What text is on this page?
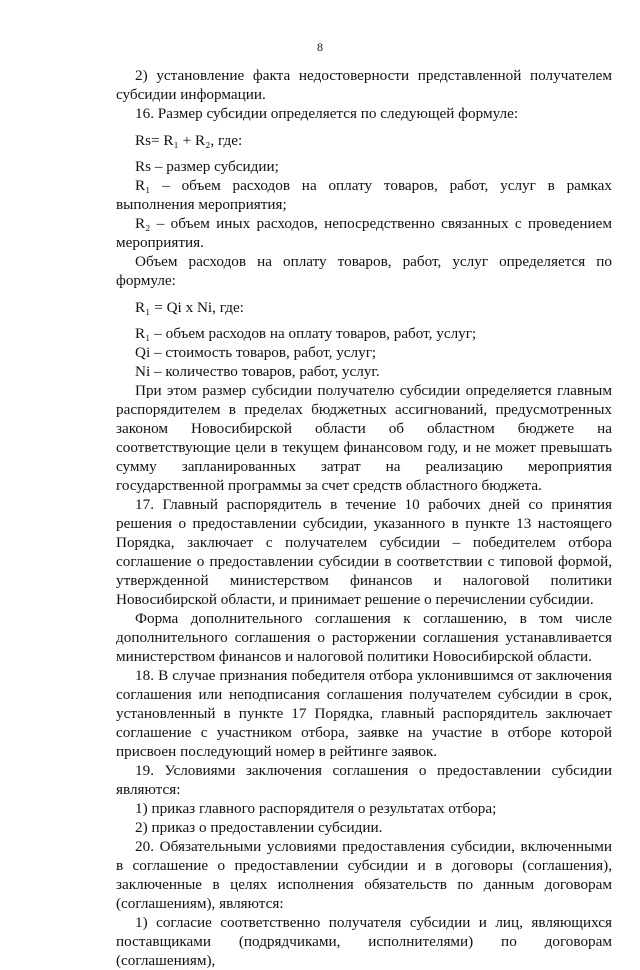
8

2) установление факта недостоверности представленной получателем субсидии информации.

16. Размер субсидии определяется по следующей формуле:

Rs= R₁ + R₂, где:

Rs – размер субсидии;

R₁ – объем расходов на оплату товаров, работ, услуг в рамках выполнения мероприятия;

R₂ – объем иных расходов, непосредственно связанных с проведением мероприятия.

Объем расходов на оплату товаров, работ, услуг определяется по формуле:

R₁ = Qi х Ni, где:

R₁ – объем расходов на оплату товаров, работ, услуг;

Qi – стоимость товаров, работ, услуг;

Ni – количество товаров, работ, услуг.

При этом размер субсидии получателю субсидии определяется главным распорядителем в пределах бюджетных ассигнований, предусмотренных законом Новосибирской области об областном бюджете на соответствующие цели в текущем финансовом году, и не может превышать сумму запланированных затрат на реализацию мероприятия государственной программы за счет средств областного бюджета.

17. Главный распорядитель в течение 10 рабочих дней со принятия решения о предоставлении субсидии, указанного в пункте 13 настоящего Порядка, заключает с получателем субсидии – победителем отбора соглашение о предоставлении субсидии в соответствии с типовой формой, утвержденной министерством финансов и налоговой политики Новосибирской области, и принимает решение о перечислении субсидии.

Форма дополнительного соглашения к соглашению, в том числе дополнительного соглашения о расторжении соглашения устанавливается министерством финансов и налоговой политики Новосибирской области.

18. В случае признания победителя отбора уклонившимся от заключения соглашения или неподписания соглашения получателем субсидии в срок, установленный в пункте 17 Порядка, главный распорядитель заключает соглашение с участником отбора, заявке на участие в отборе которой присвоен последующий номер в рейтинге заявок.

19. Условиями заключения соглашения о предоставлении субсидии являются:

1) приказ главного распорядителя о результатах отбора;

2) приказ о предоставлении субсидии.

20. Обязательными условиями предоставления субсидии, включенными в соглашение о предоставлении субсидии и в договоры (соглашения), заключенные в целях исполнения обязательств по данным договорам (соглашениям), являются:

1) согласие соответственно получателя субсидии и лиц, являющихся поставщиками (подрядчиками, исполнителями) по договорам (соглашениям),
